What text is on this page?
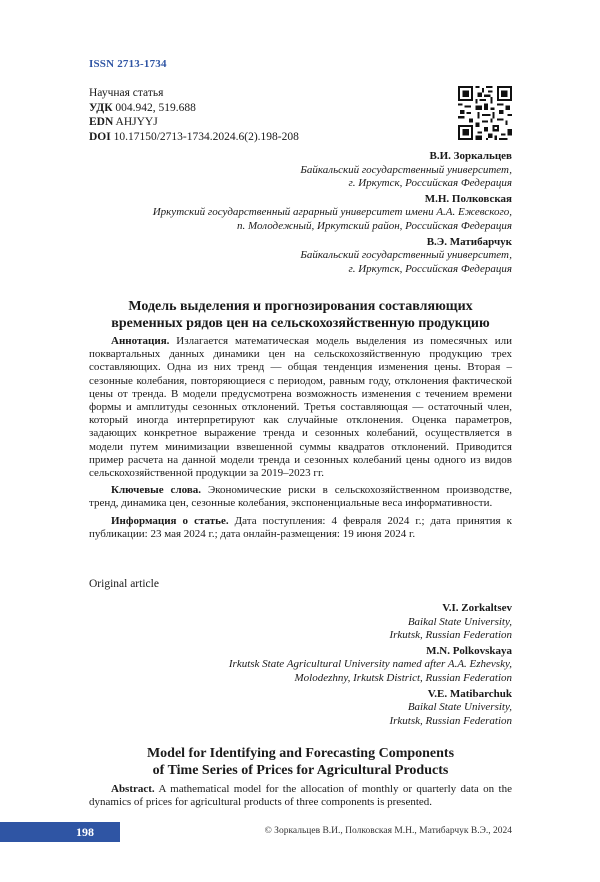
ISSN 2713-1734
Научная статья
УДК 004.942, 519.688
EDN AHJYYJ
DOI 10.17150/2713-1734.2024.6(2).198-208
В.И. Зоркальцев
Байкальский государственный университет,
г. Иркутск, Российская Федерация
М.Н. Полковская
Иркутский государственный аграрный университет имени А.А. Ежевского,
п. Молодежный, Иркутский район, Российская Федерация
В.Э. Матибарчук
Байкальский государственный университет,
г. Иркутск, Российская Федерация
Модель выделения и прогнозирования составляющих
временных рядов цен на сельскохозяйственную продукцию

Аннотация. Излагается математическая модель выделения из помесячных или поквартальных данных динамики цен на сельскохозяйственную продукцию трех составляющих. Одна из них тренд — общая тенденция изменения цены. Вторая – сезонные колебания, повторяющиеся с периодом, равным году, отклонения фактической цены от тренда. В модели предусмотрена возможность изменения с течением времени формы и амплитуды сезонных отклонений. Третья составляющая — остаточный член, который иногда интерпретируют как случайные отклонения. Оценка параметров, задающих конкретное выражение тренда и сезонных колебаний, осуществляется в модели путем минимизации взвешенной суммы квадратов отклонений. Приводится пример расчета на данной модели тренда и сезонных колебаний цены одного из видов сельскохозяйственной продукции за 2019–2023 гг.

Ключевые слова. Экономические риски в сельскохозяйственном производстве, тренд, динамика цен, сезонные колебания, экспоненциальные веса информативности.

Информация о статье. Дата поступления: 4 февраля 2024 г.; дата принятия к публикации: 23 мая 2024 г.; дата онлайн-размещения: 19 июня 2024 г.

Original article
V.I. Zorkaltsev
Baikal State University,
Irkutsk, Russian Federation
M.N. Polkovskaya
Irkutsk State Agricultural University named after A.A. Ezhevsky,
Molodezhny, Irkutsk District, Russian Federation
V.E. Matibarchuk
Baikal State University,
Irkutsk, Russian Federation
Model for Identifying and Forecasting Components
of Time Series of Prices for Agricultural Products

Abstract. A mathematical model for the allocation of monthly or quarterly data on the dynamics of prices for agricultural products of three components is presented.

198	© Зоркальцев В.И., Полковская М.Н., Матибарчук В.Э., 2024
